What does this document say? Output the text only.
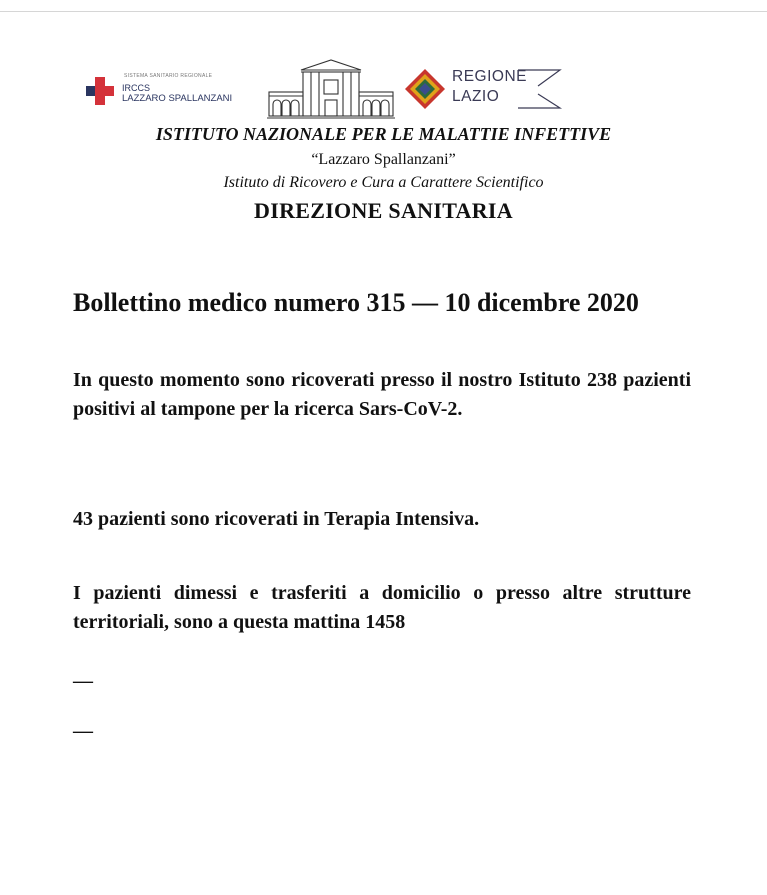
SISTEMA SANITARIO REGIONALE
IRCCS
LAZZARO SPALLANZANI
REGIONE
LAZIO
ISTITUTO NAZIONALE PER LE MALATTIE INFETTIVE
“Lazzaro Spallanzani”
Istituto di Ricovero e Cura a Carattere Scientifico
DIREZIONE SANITARIA
Bollettino medico numero 315 — 10 dicembre 2020
In questo momento sono ricoverati presso il nostro Istituto 238 pazienti positivi al tampone per la ricerca Sars-CoV-2.
43 pazienti sono ricoverati in Terapia Intensiva.
I pazienti dimessi e trasferiti a domicilio o presso altre strutture territoriali, sono a questa mattina 1458
—
—
